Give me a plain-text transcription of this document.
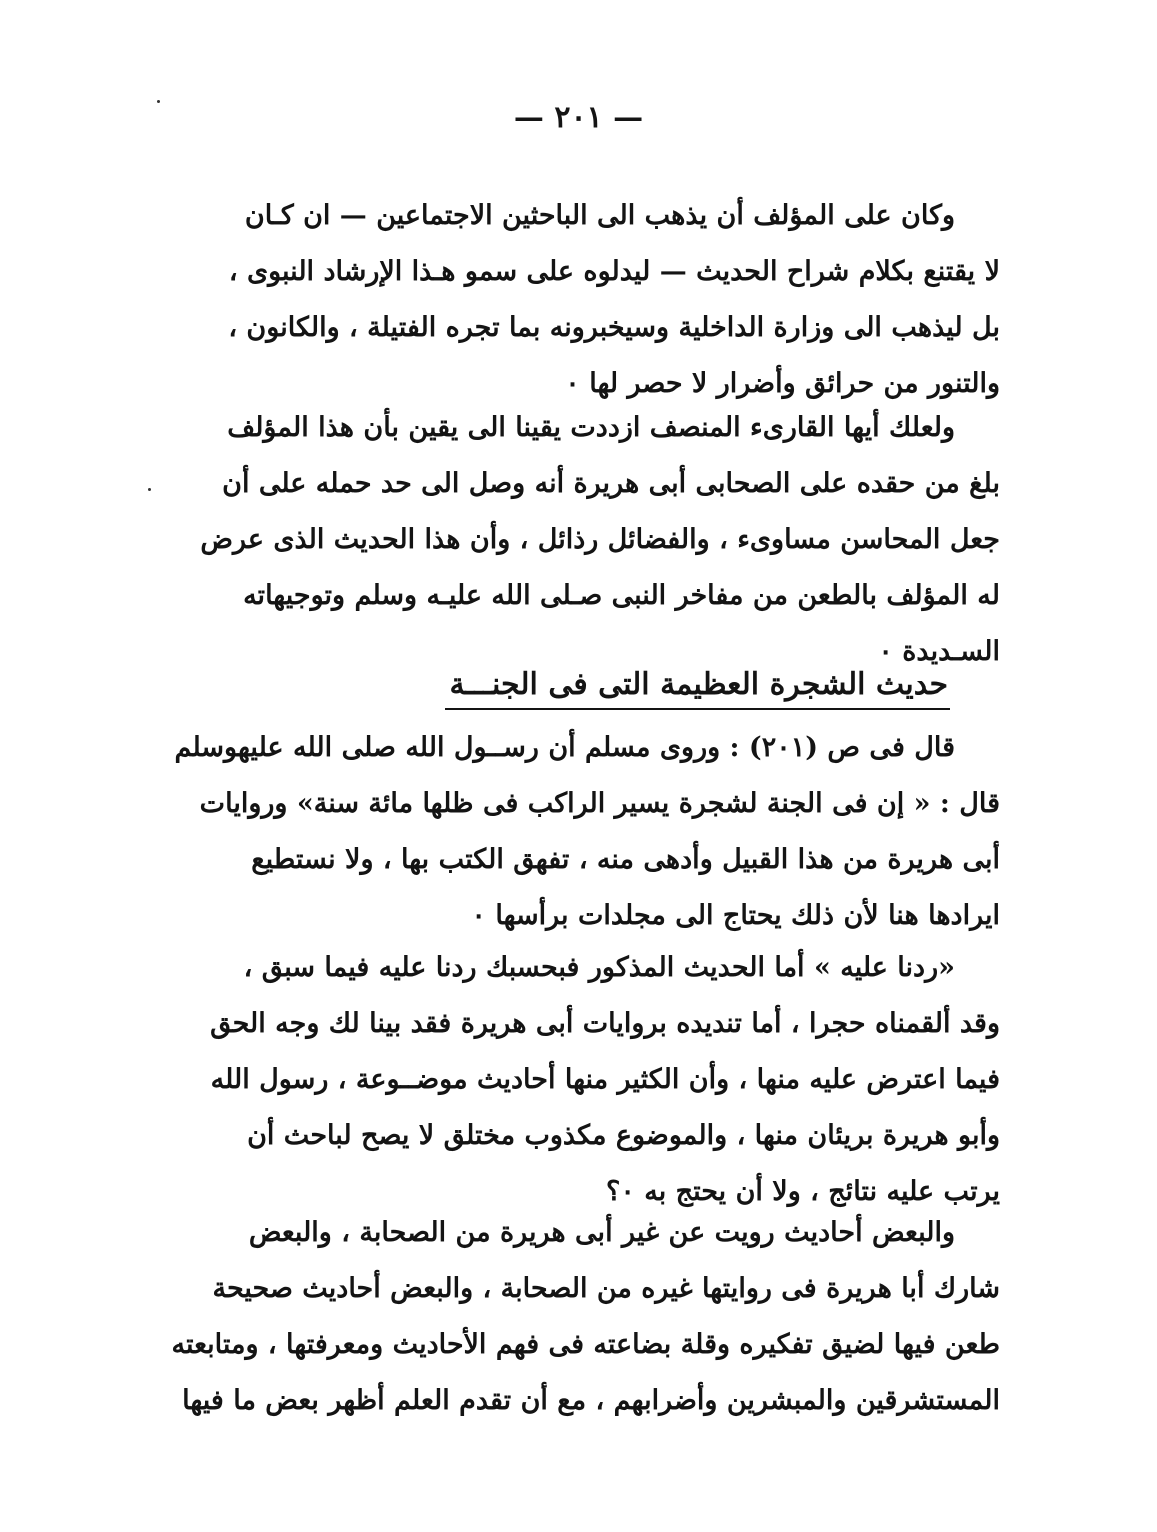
— ٢٠١ —
وكان على المؤلف أن يذهب الى الباحثين الاجتماعين — ان كـان
لا يقتنع بكلام شراح الحديث — ليدلوه على سمو هـذا الإرشاد النبوى ،
بل ليذهب الى وزارة الداخلية وسيخبرونه بما تجره الفتيلة ، والكانون ،
والتنور من حرائق وأضرار لا حصر لها ٠
ولعلك أيها القارىء المنصف ازددت يقينا الى يقين بأن هذا المؤلف
بلغ من حقده على الصحابى أبى هريرة أنه وصل الى حد حمله على أن
جعل المحاسن مساوىء ، والفضائل رذائل ، وأن هذا الحديث الذى عرض
له المؤلف بالطعن من مفاخر النبى صـلى الله عليـه وسلم وتوجيهاته
السـديدة ٠
حديث الشجرة العظيمة التى فى الجنـــة
قال فى ص (٢٠١) : وروى مسلم أن رســول الله صلى الله عليهوسلم
قال : « إن فى الجنة لشجرة يسير الراكب فى ظلها مائة سنة» وروايات
أبى هريرة من هذا القبيل وأدهى منه ، تفهق الكتب بها ، ولا نستطيع
ايرادها هنا لأن ذلك يحتاج الى مجلدات برأسها ٠
«ردنا عليه » أما الحديث المذكور فبحسبك ردنا عليه فيما سبق ،
وقد ألقمناه حجرا ، أما تنديده بروايات أبى هريرة فقد بينا لك وجه الحق
فيما اعترض عليه منها ، وأن الكثير منها أحاديث موضــوعة ، رسول الله
وأبو هريرة بريئان منها ، والموضوع مكذوب مختلق لا يصح لباحث أن
يرتب عليه نتائج ، ولا أن يحتج به ٠؟
والبعض أحاديث رويت عن غير أبى هريرة من الصحابة ، والبعض
شارك أبا هريرة فى روايتها غيره من الصحابة ، والبعض أحاديث صحيحة
طعن فيها لضيق تفكيره وقلة بضاعته فى فهم الأحاديث ومعرفتها ، ومتابعته
المستشرقين والمبشرين وأضرابهم ، مع أن تقدم العلم أظهر بعض ما فيها
